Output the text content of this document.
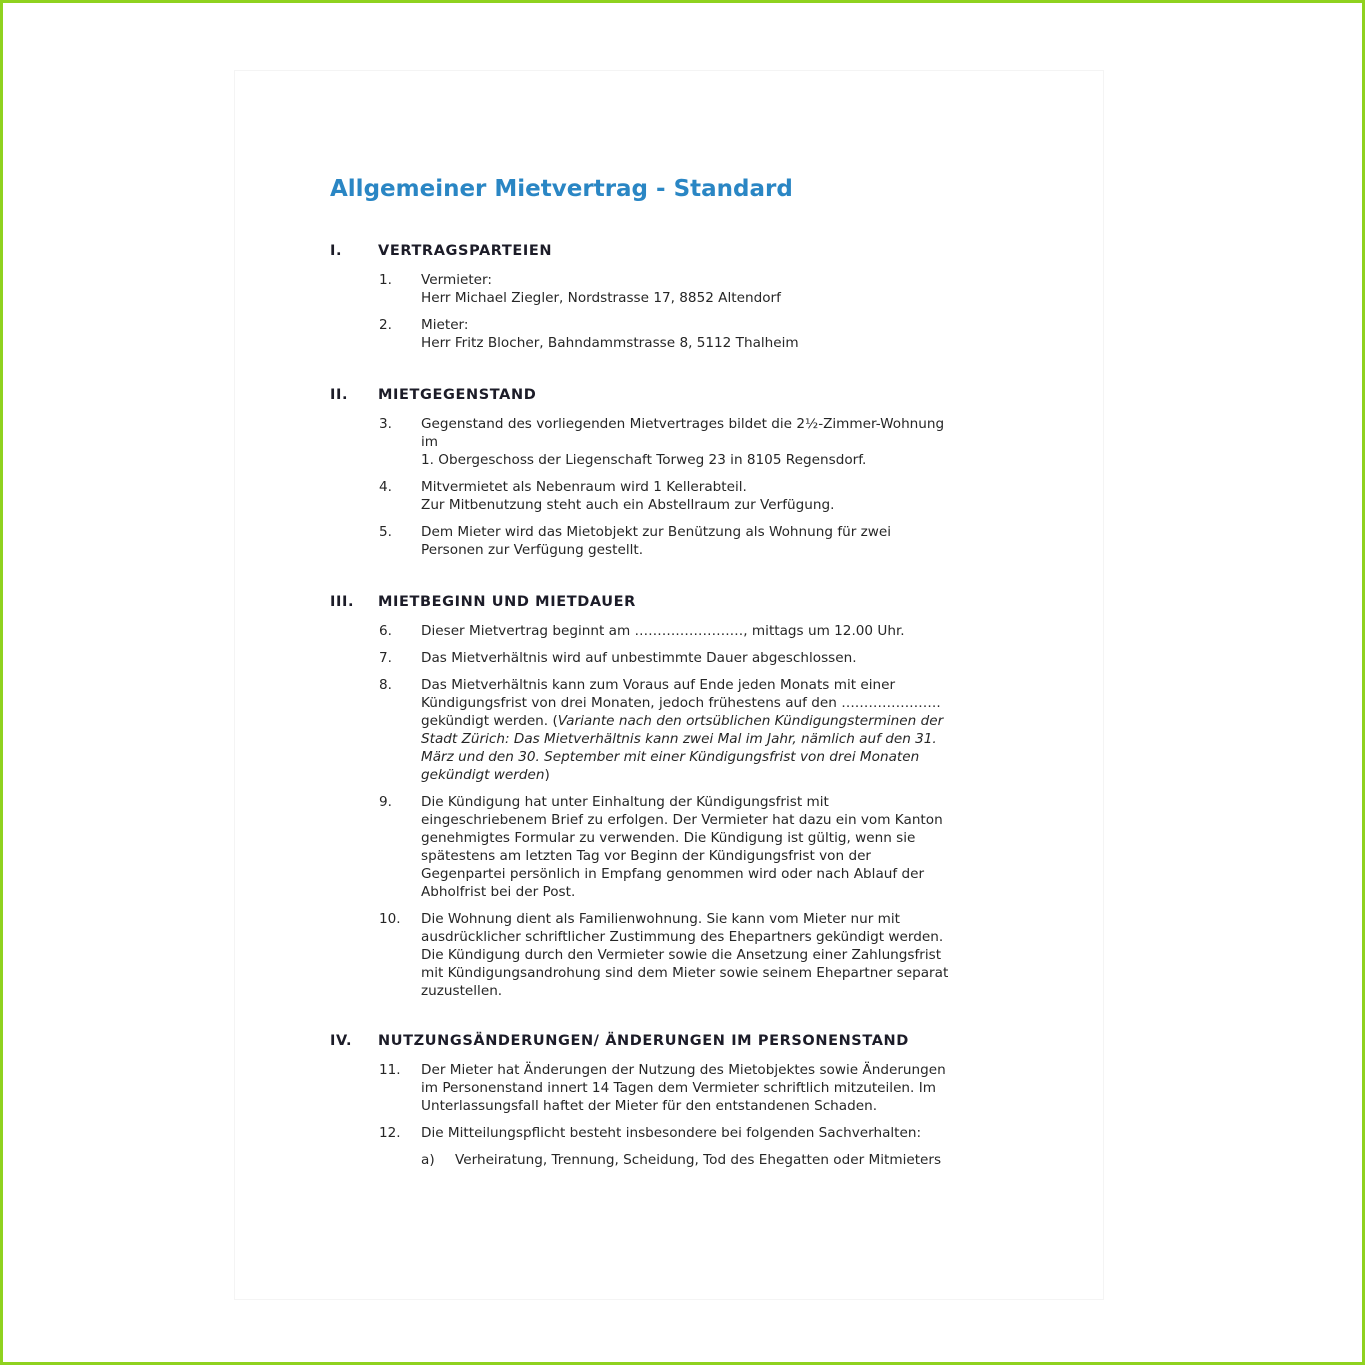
Allgemeiner Mietvertrag - Standard
I. VERTRAGSPARTEIEN
1. Vermieter:
Herr Michael Ziegler, Nordstrasse 17, 8852 Altendorf
2. Mieter:
Herr Fritz Blocher, Bahndammstrasse 8, 5112 Thalheim
II. MIETGEGENSTAND
3. Gegenstand des vorliegenden Mietvertrages bildet die 2½-Zimmer-Wohnung
im
1. Obergeschoss der Liegenschaft Torweg 23 in 8105 Regensdorf.
4. Mitvermietet als Nebenraum wird 1 Kellerabteil.
Zur Mitbenutzung steht auch ein Abstellraum zur Verfügung.
5. Dem Mieter wird das Mietobjekt zur Benützung als Wohnung für zwei
Personen zur Verfügung gestellt.
III. MIETBEGINN UND MIETDAUER
6. Dieser Mietvertrag beginnt am ……………………, mittags um 12.00 Uhr.
7. Das Mietverhältnis wird auf unbestimmte Dauer abgeschlossen.
8. Das Mietverhältnis kann zum Voraus auf Ende jeden Monats mit einer
Kündigungsfrist von drei Monaten, jedoch frühestens auf den ………………….
gekündigt werden. (Variante nach den ortsüblichen Kündigungsterminen der
Stadt Zürich: Das Mietverhältnis kann zwei Mal im Jahr, nämlich auf den 31.
März und den 30. September mit einer Kündigungsfrist von drei Monaten
gekündigt werden)
9. Die Kündigung hat unter Einhaltung der Kündigungsfrist mit
eingeschriebenem Brief zu erfolgen. Der Vermieter hat dazu ein vom Kanton
genehmigtes Formular zu verwenden. Die Kündigung ist gültig, wenn sie
spätestens am letzten Tag vor Beginn der Kündigungsfrist von der
Gegenpartei persönlich in Empfang genommen wird oder nach Ablauf der
Abholfrist bei der Post.
10. Die Wohnung dient als Familienwohnung. Sie kann vom Mieter nur mit
ausdrücklicher schriftlicher Zustimmung des Ehepartners gekündigt werden.
Die Kündigung durch den Vermieter sowie die Ansetzung einer Zahlungsfrist
mit Kündigungsandrohung sind dem Mieter sowie seinem Ehepartner separat
zuzustellen.
IV. NUTZUNGSÄNDERUNGEN/ ÄNDERUNGEN IM PERSONENSTAND
11. Der Mieter hat Änderungen der Nutzung des Mietobjektes sowie Änderungen
im Personenstand innert 14 Tagen dem Vermieter schriftlich mitzuteilen. Im
Unterlassungsfall haftet der Mieter für den entstandenen Schaden.
12. Die Mitteilungspflicht besteht insbesondere bei folgenden Sachverhalten:
a) Verheiratung, Trennung, Scheidung, Tod des Ehegatten oder Mitmieters
